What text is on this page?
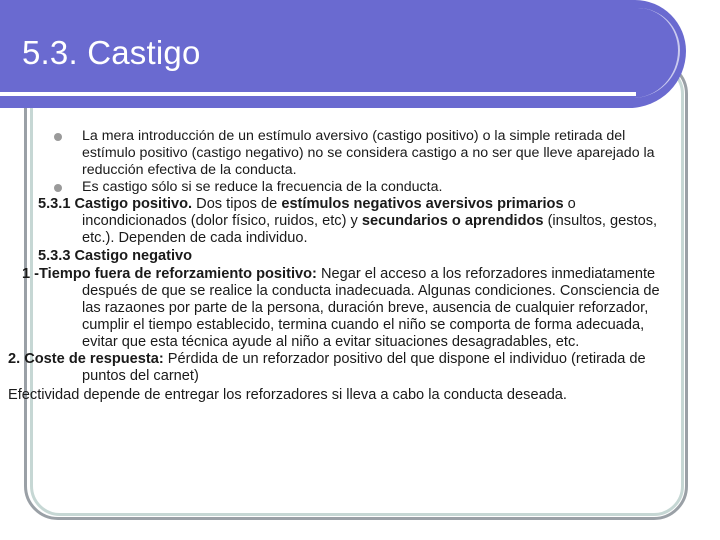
5.3. Castigo

La mera introducción de un estímulo aversivo (castigo positivo) o la simple retirada del estímulo positivo (castigo negativo) no se considera castigo a no ser que lleve aparejado la reducción efectiva de la conducta.

Es castigo sólo si se reduce la frecuencia de la conducta.

5.3.1 Castigo positivo. Dos tipos de estímulos negativos aversivos primarios o incondicionados (dolor físico, ruidos, etc) y secundarios o aprendidos (insultos, gestos, etc.). Dependen de cada individuo.

5.3.3 Castigo negativo

1 -Tiempo fuera de reforzamiento positivo: Negar el acceso a los reforzadores inmediatamente después de que se realice la conducta inadecuada. Algunas condiciones. Consciencia de las razaones por parte de la persona, duración breve, ausencia de cualquier reforzador, cumplir el tiempo establecido, termina cuando el niño se comporta de forma adecuada, evitar que esta técnica ayude al niño a evitar situaciones desagradables, etc.

2. Coste de respuesta: Pérdida de un reforzador positivo del que dispone el individuo (retirada de puntos del carnet)

Efectividad depende de entregar los reforzadores si lleva a cabo la conducta deseada.
